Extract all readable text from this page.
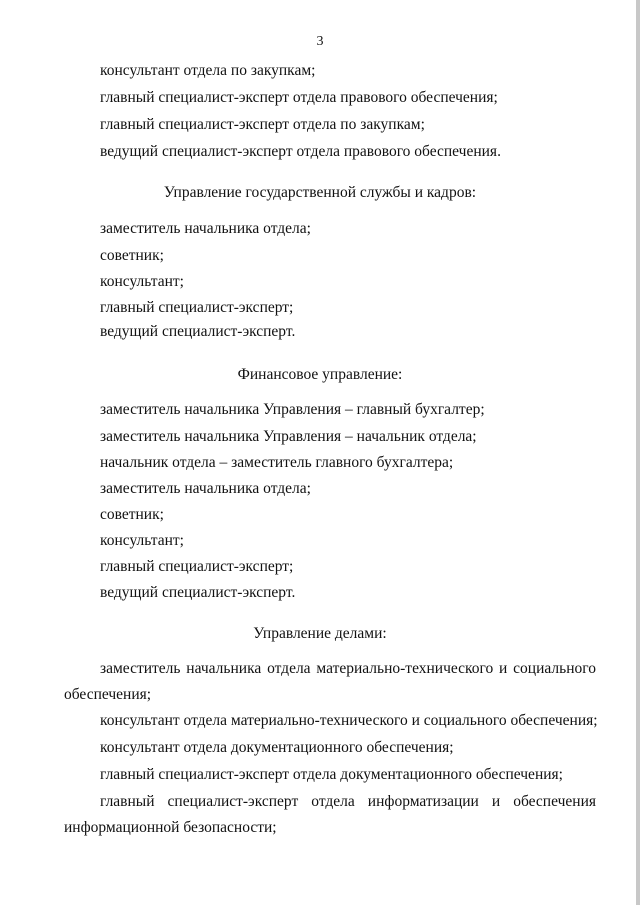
3
консультант отдела по закупкам;
главный специалист-эксперт отдела правового обеспечения;
главный специалист-эксперт отдела по закупкам;
ведущий специалист-эксперт отдела правового обеспечения.
Управление государственной службы и кадров:
заместитель начальника отдела;
советник;
консультант;
главный специалист-эксперт;
ведущий специалист-эксперт.
Финансовое управление:
заместитель начальника Управления – главный бухгалтер;
заместитель начальника Управления – начальник отдела;
начальник отдела – заместитель главного бухгалтера;
заместитель начальника отдела;
советник;
консультант;
главный специалист-эксперт;
ведущий специалист-эксперт.
Управление делами:
заместитель начальника отдела материально-технического и социального
обеспечения;
консультант отдела материально-технического и социального обеспечения;
консультант отдела документационного обеспечения;
главный специалист-эксперт отдела документационного обеспечения;
главный специалист-эксперт отдела информатизации и обеспечения
информационной безопасности;
